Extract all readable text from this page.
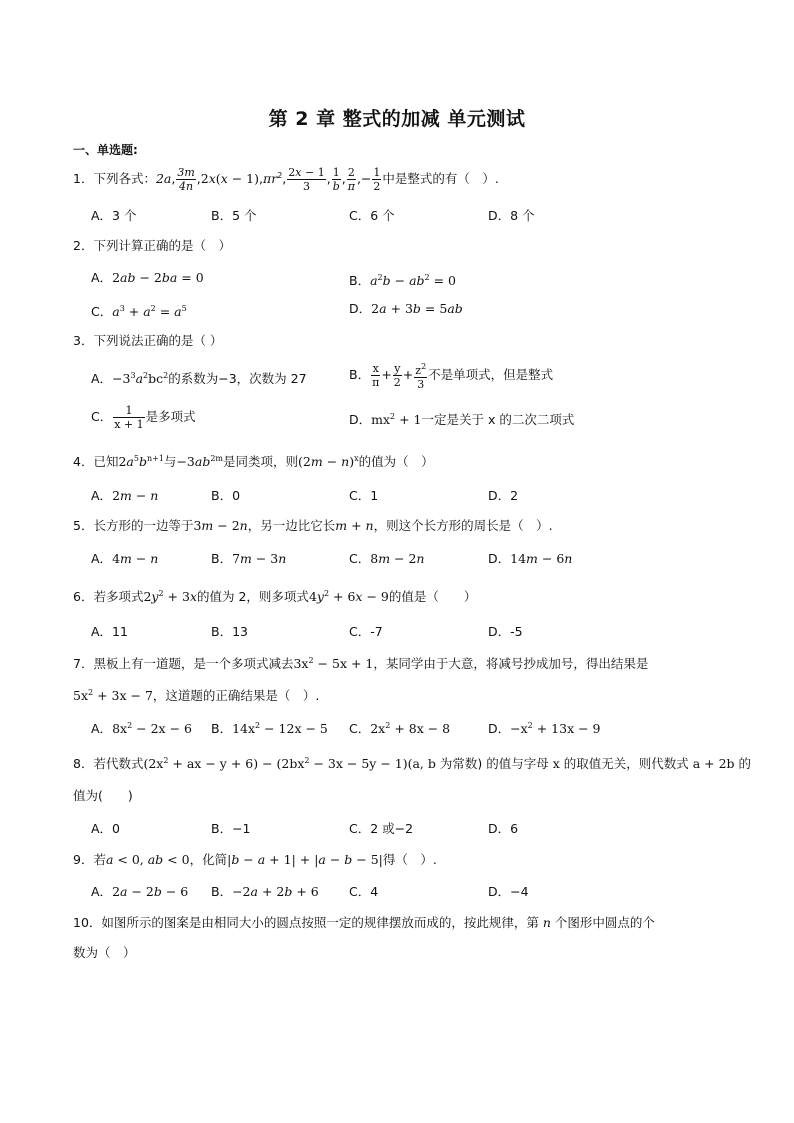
第 2 章 整式的加减 单元测试
一、单选题:
1．下列各式：2a, $\frac{3m}{4n} ,2x(x - 1),\pi r^2$, $\frac{2x - 1}{3}$ , $\frac{1}{b}$ , $\frac{2}{\pi}$ ,− $\frac{1}{2}$ 中是整式的有（　）.
A．3 个	B．5 个	C．6 个	D．8 个
2．下列计算正确的是（　）
A．2ab − 2ba = 0	B．$a^2b - ab^2 = 0$
C．$a^3 + a^2 = a^5$	D．2a + 3b = 5ab
3．下列说法正确的是（ ）
A．$-3^3a^2bc^2$的系数为−3，次数为 27	B． $\frac{x}{\pi} + \frac{y}{2} + \frac{z^2}{3}$ 不是单项式，但是整式
C． $\frac{1}{x + 1}$ 是多项式	D．$mx^2 + 1$一定是关于 x 的二次二项式
4．已知$2a^5b^{n+1}$与$-3ab^{2m}$是同类项，则$(2m - n)^x$的值为（　）
A．2m − n	B．0	C．1	D．2
5．长方形的一边等于3m − 2n，另一边比它长m + n，则这个长方形的周长是（　）.
A．4m − n	B．7m − 3n	C．8m − 2n	D．14m − 6n
6．若多项式$2y^2 + 3x$的值为 2，则多项式$4y^2 + 6x - 9$的值是（　　）
A．11	B．13	C．-7	D．-5
7．黑板上有一道题，是一个多项式减去$3x^2 - 5x + 1$，某同学由于大意，将减号抄成加号，得出结果是
$5x^2 + 3x - 7$，这道题的正确结果是（　）.
A．$8x^2 - 2x - 6$ B．$14x^2 - 12x - 5$ C．$2x^2 + 8x - 8$	D．$-x^2 + 13x - 9$
8．若代数式($2x^2$ + ax − $y + 6) - (2bx^2 - 3x - 5y - 1)(a$, b 为常数) 的值与字母 x 的取值无关，则代数式 a + 2b 的
值为(　　)
A．0	B．−1	C．2 或−2	D．6
9．若a < 0, ab < 0，化简|b − a + 1| + |a − b − 5|得（　）.
A．2a − 2b − 6 B．−2a + 2b + 6 C．4	D．−4
10．如图所示的图案是由相同大小的圆点按照一定的规律摆放而成的，按此规律，第 n 个图形中圆点的个
数为（　）
